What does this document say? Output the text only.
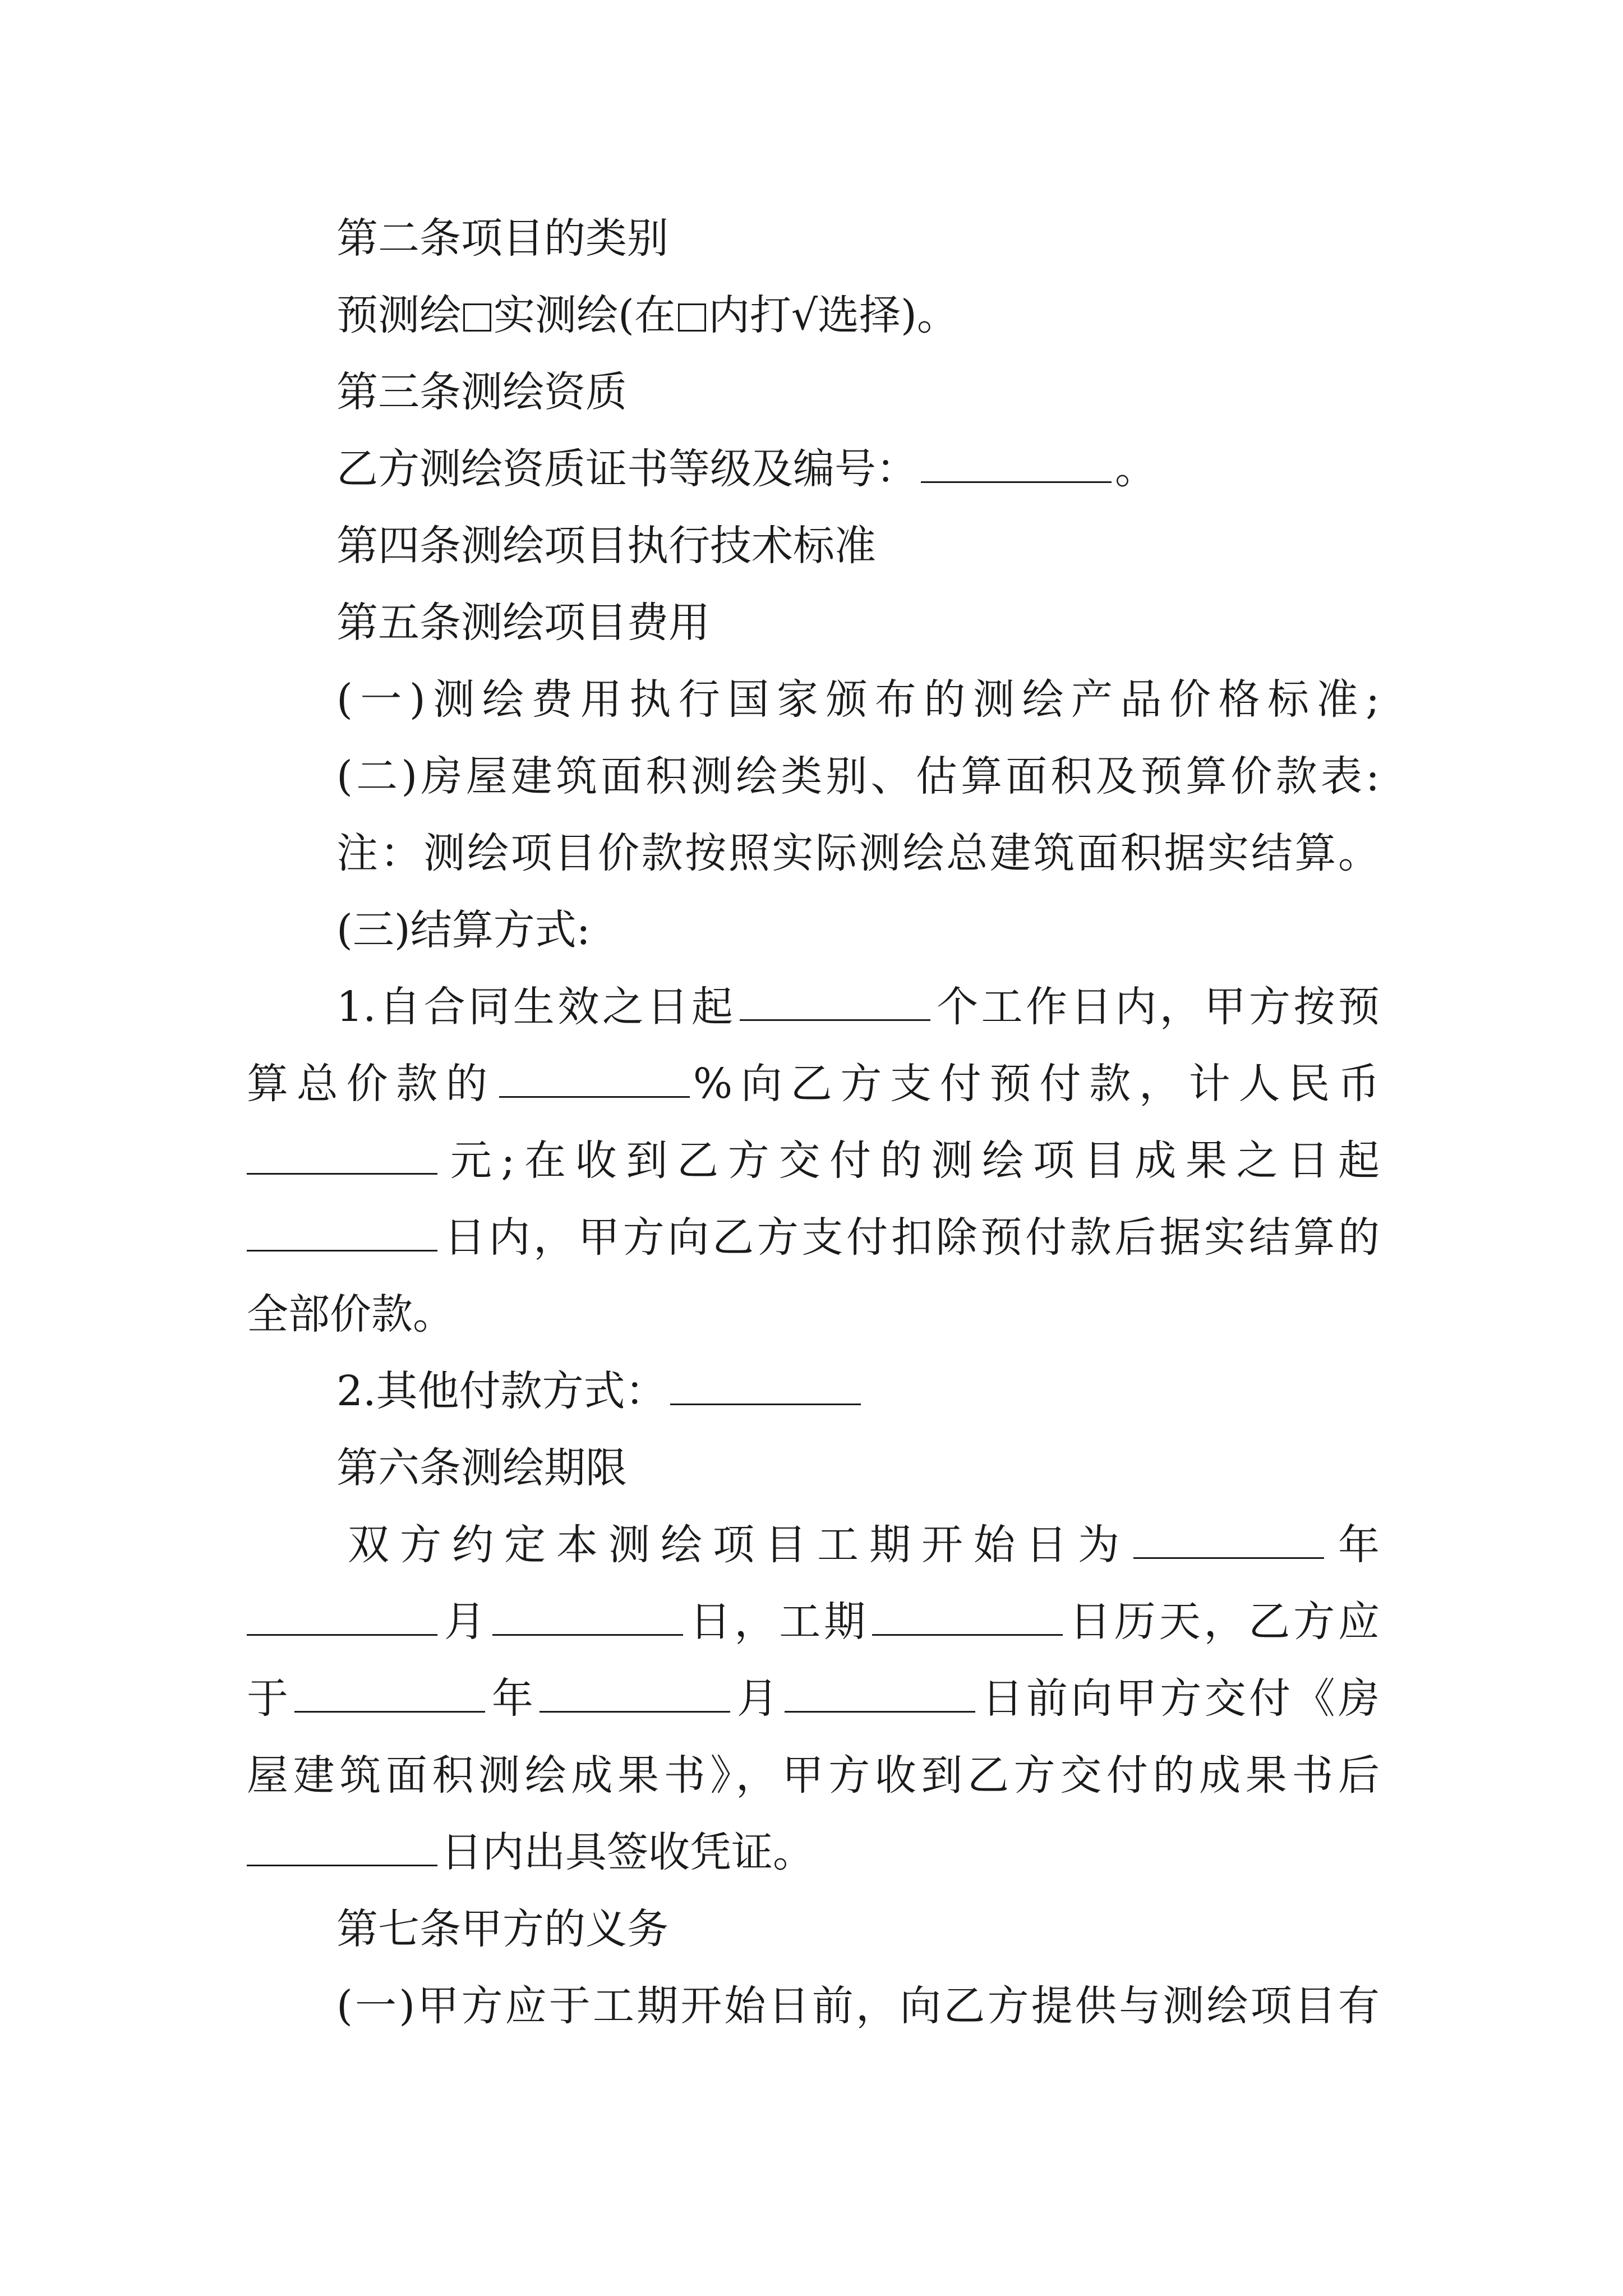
第二条项目的类别
预测绘 实测绘(在 内打√选择)。
第三条测绘资质
乙方测绘资质证书等级及编号：	。
第四条测绘项目执行技术标准
第五条测绘项目费用
(一)测绘费用执行国家颁布的测绘产品价格标准;
(二)房屋建筑面积测绘类别、估算面积及预算价款表:
注：测绘项目价款按照实际测绘总建筑面积据实结算。
(三)结算方式:
1.自合同生效之日起	个工作日内，甲方按预
算总价款的	%向乙方支付预付款，计人民币
元;在收到乙方交付的测绘项目成果之日起
日内，甲方向乙方支付扣除预付款后据实结算的
全部价款。
2.其他付款方式：
第六条测绘期限
双方约定本测绘项目工期开始日为	年
月	日，工期	日历天，乙方应
于	年	月	日前向甲方交付《房
屋建筑面积测绘成果书》，甲方收到乙方交付的成果书后
日内出具签收凭证。
第七条甲方的义务
(一)甲方应于工期开始日前，向乙方提供与测绘项目有
